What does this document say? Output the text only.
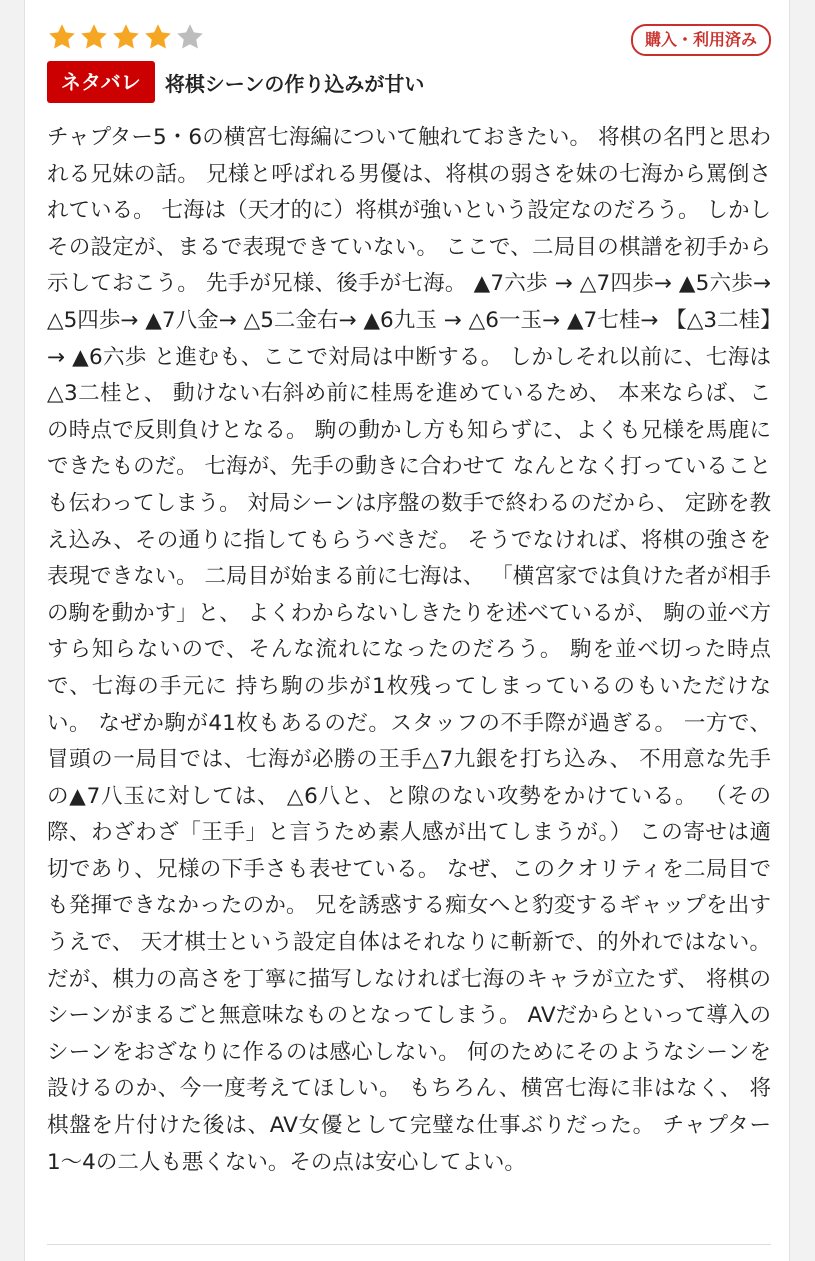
購入・利用済み
ネタバレ	将棋シーンの作り込みが甘い

チャプター5・6の横宮七海編について触れておきたい。 将棋の名門と思われる兄妹の話。 兄様と呼ばれる男優は、将棋の弱さを妹の七海から罵倒されている。 七海は（天才的に）将棋が強いという設定なのだろう。 しかしその設定が、まるで表現できていない。 ここで、二局目の棋譜を初手から示しておこう。 先手が兄様、後手が七海。 ▲7六歩 → △7四歩→ ▲5六歩→ △5四歩→ ▲7八金→ △5二金右→ ▲6九玉 → △6一玉→ ▲7七桂→ 【△3二桂】→ ▲6六歩 と進むも、ここで対局は中断する。 しかしそれ以前に、七海は△3二桂と、 動けない右斜め前に桂馬を進めているため、 本来ならば、この時点で反則負けとなる。 駒の動かし方も知らずに、よくも兄様を馬鹿にできたものだ。 七海が、先手の動きに合わせて なんとなく打っていることも伝わってしまう。 対局シーンは序盤の数手で終わるのだから、 定跡を教え込み、その通りに指してもらうべきだ。 そうでなければ、将棋の強さを表現できない。 二局目が始まる前に七海は、 「横宮家では負けた者が相手の駒を動かす」と、 よくわからないしきたりを述べているが、 駒の並べ方すら知らないので、そんな流れになったのだろう。 駒を並べ切った時点で、七海の手元に 持ち駒の歩が1枚残ってしまっているのもいただけない。 なぜか駒が41枚もあるのだ。スタッフの不手際が過ぎる。 一方で、冒頭の一局目では、七海が必勝の王手△7九銀を打ち込み、 不用意な先手の▲7八玉に対しては、 △6八と、と隙のない攻勢をかけている。 （その際、わざわざ「王手」と言うため素人感が出てしまうが。） この寄せは適切であり、兄様の下手さも表せている。 なぜ、このクオリティを二局目でも発揮できなかったのか。 兄を誘惑する痴女へと豹変するギャップを出すうえで、 天才棋士という設定自体はそれなりに斬新で、的外れではない。 だが、棋力の高さを丁寧に描写しなければ七海のキャラが立たず、 将棋のシーンがまるごと無意味なものとなってしまう。 AVだからといって導入のシーンをおざなりに作るのは感心しない。 何のためにそのようなシーンを設けるのか、今一度考えてほしい。 もちろん、横宮七海に非はなく、 将棋盤を片付けた後は、AV女優として完璧な仕事ぶりだった。 チャプター1〜4の二人も悪くない。その点は安心してよい。
